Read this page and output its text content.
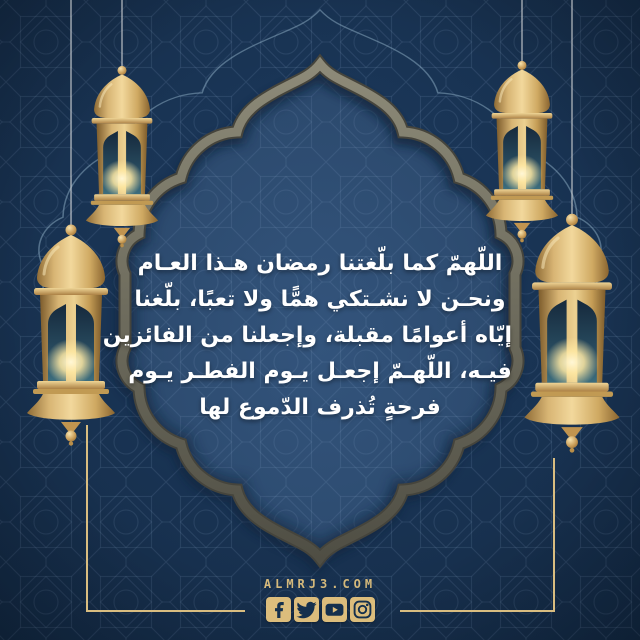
اللّهمّ كما بلّغتنا رمضان هـذا العـام
ونحـن لا نشـتكي همًّا ولا تعبًا، بلّغنا
إيّاه أعوامًا مقبلة، وإجعلنا من الفائزين
فيـه، اللّهـمّ إجعـل يـوم الفطـر يـوم
فرحةٍ تُذرف الدّموع لها
ALMRJ3.COM
